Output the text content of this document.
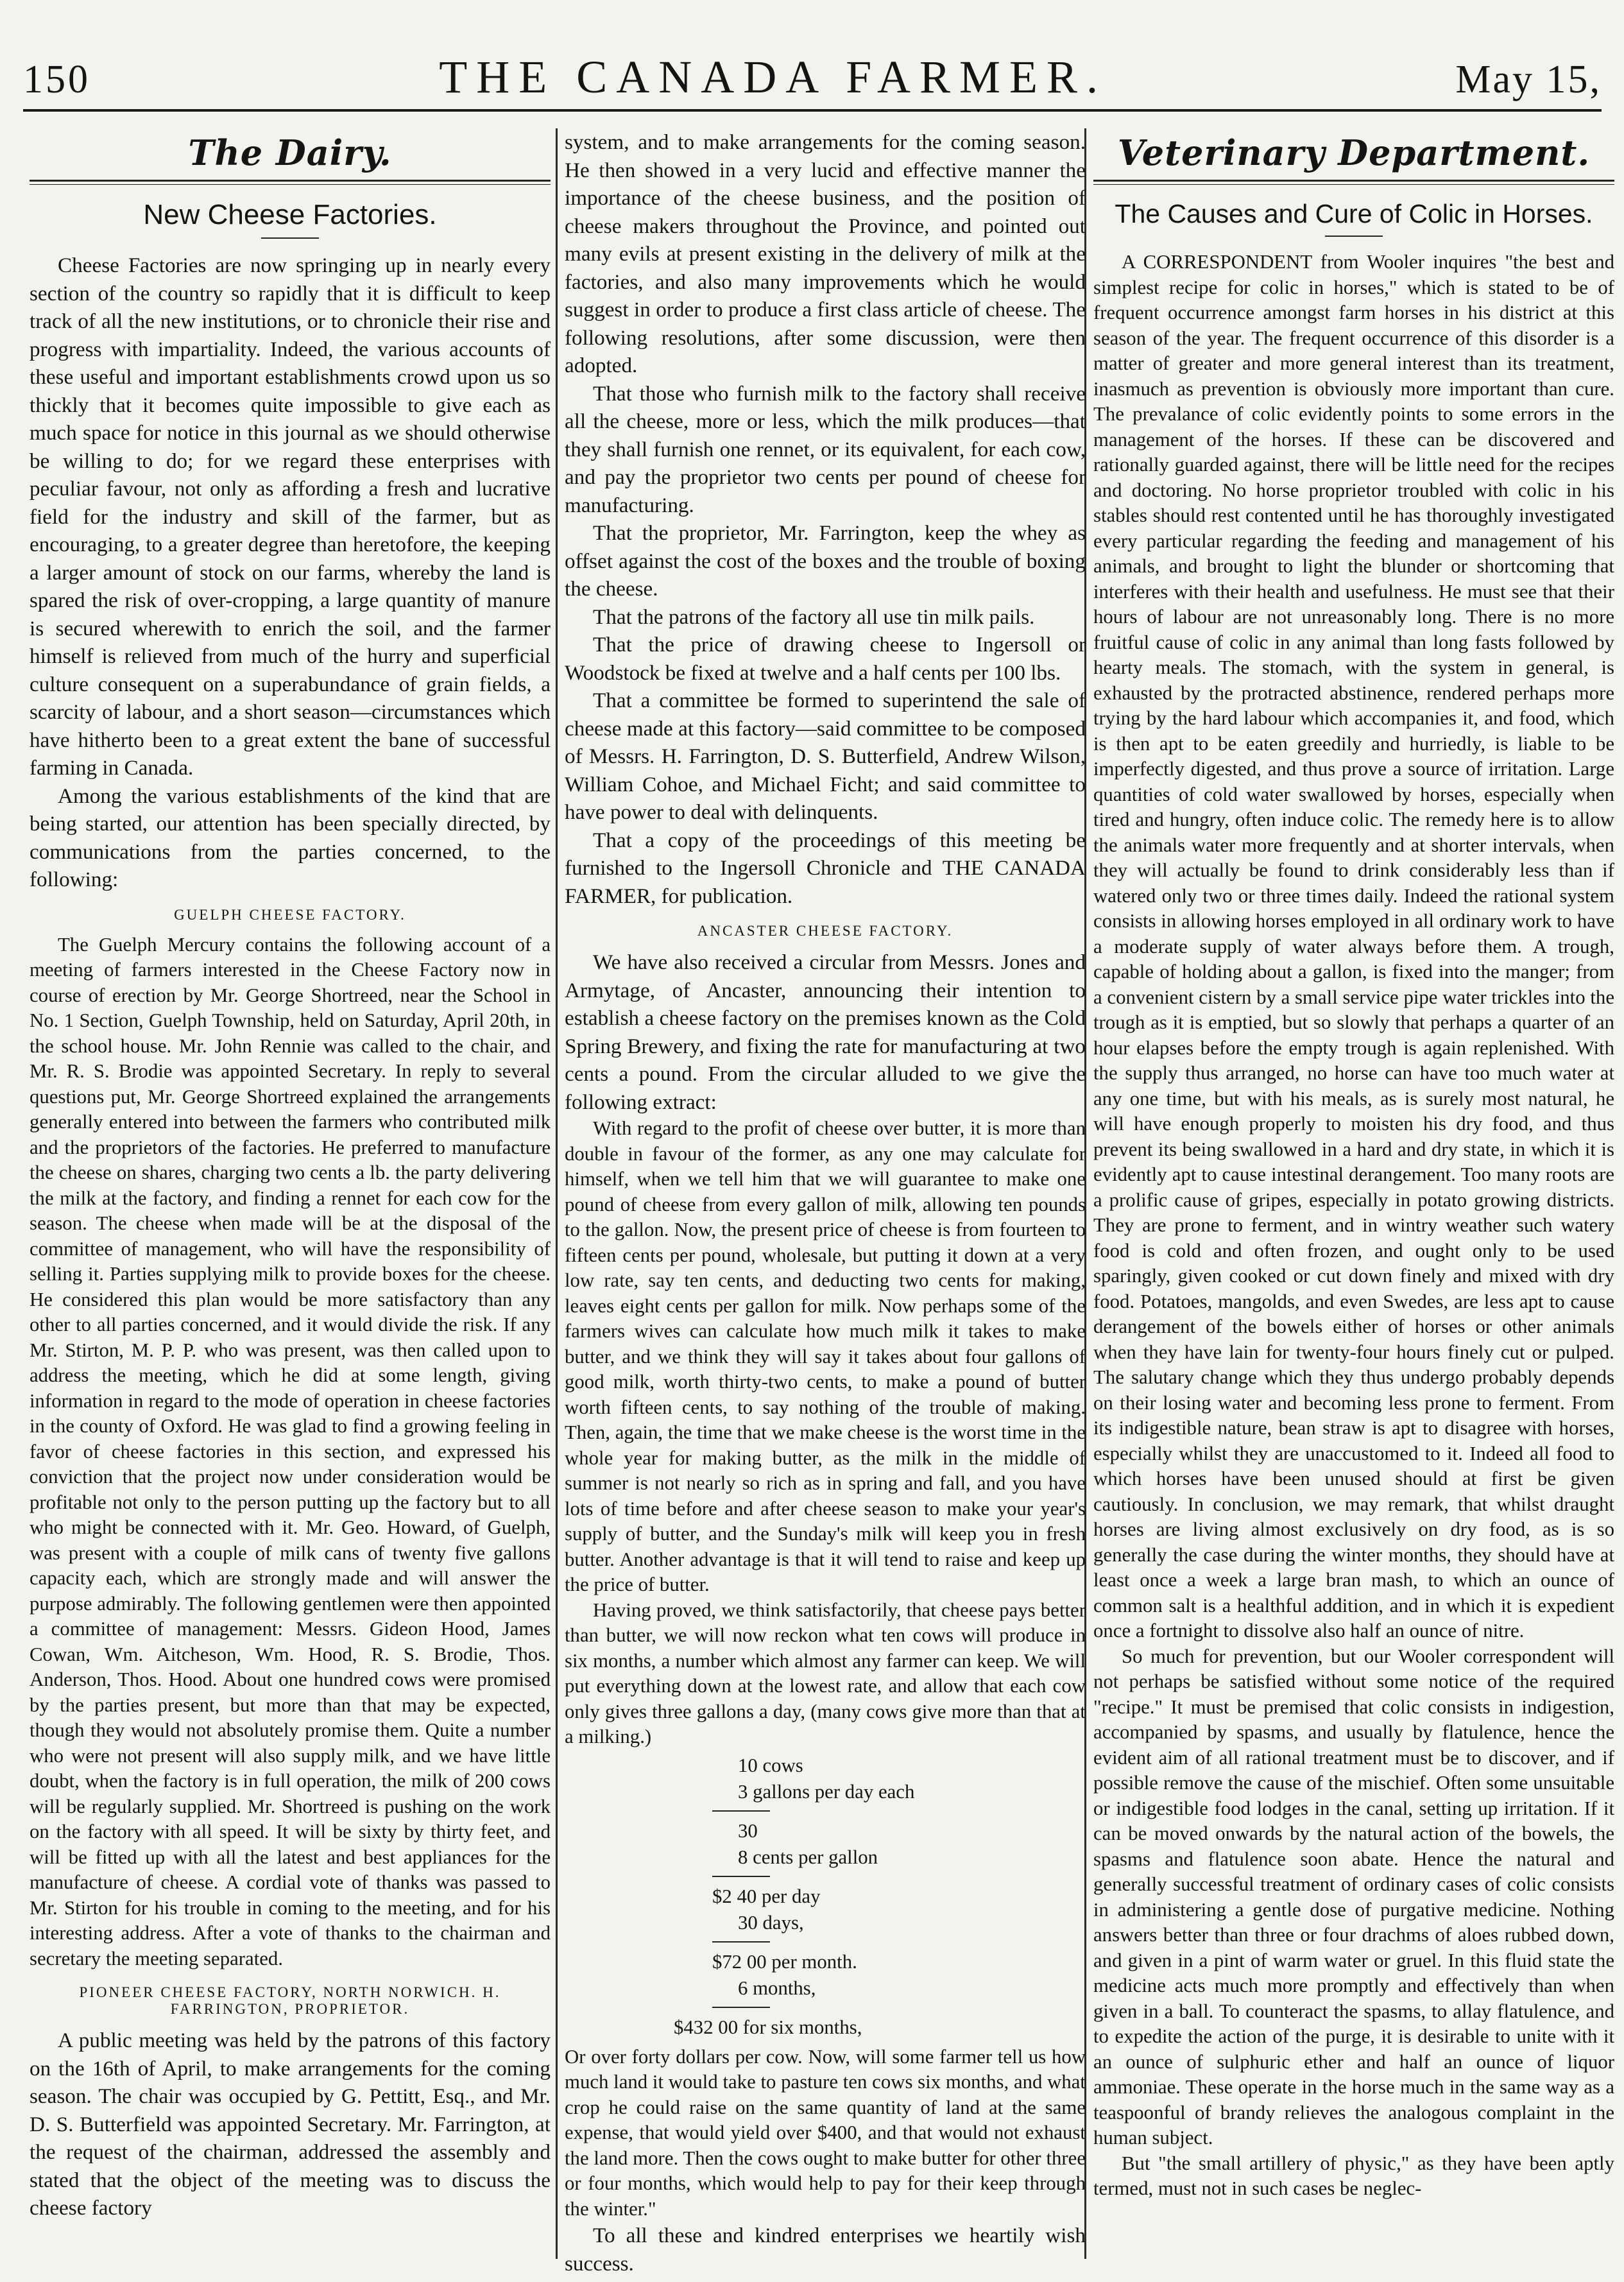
150	THE CANADA FARMER.	May 15,
The Dairy.
New Cheese Factories.

Cheese Factories are now springing up in nearly every section of the country so rapidly that it is difficult to keep track of all the new institutions, or to chronicle their rise and progress with impartiality. Indeed, the various accounts of these useful and important establishments crowd upon us so thickly that it becomes quite impossible to give each as much space for notice in this journal as we should otherwise be willing to do; for we regard these enterprises with peculiar favour, not only as affording a fresh and lucrative field for the industry and skill of the farmer, but as encouraging, to a greater degree than heretofore, the keeping a larger amount of stock on our farms, whereby the land is spared the risk of over-cropping, a large quantity of manure is secured wherewith to enrich the soil, and the farmer himself is relieved from much of the hurry and superficial culture consequent on a superabundance of grain fields, a scarcity of labour, and a short season—circumstances which have hitherto been to a great extent the bane of successful farming in Canada.

Among the various establishments of the kind that are being started, our attention has been specially directed, by communications from the parties concerned, to the following:

GUELPH CHEESE FACTORY.

The Guelph Mercury contains the following account of a meeting of farmers interested in the Cheese Factory now in course of erection by Mr. George Shortreed, near the School in No. 1 Section, Guelph Township, held on Saturday, April 20th, in the school house. Mr. John Rennie was called to the chair, and Mr. R. S. Brodie was appointed Secretary. In reply to several questions put, Mr. George Shortreed explained the arrangements generally entered into between the farmers who contributed milk and the proprietors of the factories. He preferred to manufacture the cheese on shares, charging two cents a lb. the party delivering the milk at the factory, and finding a rennet for each cow for the season. The cheese when made will be at the disposal of the committee of management, who will have the responsibility of selling it. Parties supplying milk to provide boxes for the cheese. He considered this plan would be more satisfactory than any other to all parties concerned, and it would divide the risk. If any Mr. Stirton, M. P. P. who was present, was then called upon to address the meeting, which he did at some length, giving information in regard to the mode of operation in cheese factories in the county of Oxford. He was glad to find a growing feeling in favor of cheese factories in this section, and expressed his conviction that the project now under consideration would be profitable not only to the person putting up the factory but to all who might be connected with it. Mr. Geo. Howard, of Guelph, was present with a couple of milk cans of twenty five gallons capacity each, which are strongly made and will answer the purpose admirably. The following gentlemen were then appointed a committee of management: Messrs. Gideon Hood, James Cowan, Wm. Aitcheson, Wm. Hood, R. S. Brodie, Thos. Anderson, Thos. Hood. About one hundred cows were promised by the parties present, but more than that may be expected, though they would not absolutely promise them. Quite a number who were not present will also supply milk, and we have little doubt, when the factory is in full operation, the milk of 200 cows will be regularly supplied. Mr. Shortreed is pushing on the work on the factory with all speed. It will be sixty by thirty feet, and will be fitted up with all the latest and best appliances for the manufacture of cheese. A cordial vote of thanks was passed to Mr. Stirton for his trouble in coming to the meeting, and for his interesting address. After a vote of thanks to the chairman and secretary the meeting separated.

PIONEER CHEESE FACTORY, NORTH NORWICH. H. FARRINGTON, PROPRIETOR.

A public meeting was held by the patrons of this factory on the 16th of April, to make arrangements for the coming season. The chair was occupied by G. Pettitt, Esq., and Mr. D. S. Butterfield was appointed Secretary. Mr. Farrington, at the request of the chairman, addressed the assembly and stated that the object of the meeting was to discuss the cheese factory

system, and to make arrangements for the coming season. He then showed in a very lucid and effective manner the importance of the cheese business, and the position of cheese makers throughout the Province, and pointed out many evils at present existing in the delivery of milk at the factories, and also many improvements which he would suggest in order to produce a first class article of cheese. The following resolutions, after some discussion, were then adopted.

That those who furnish milk to the factory shall receive all the cheese, more or less, which the milk produces—that they shall furnish one rennet, or its equivalent, for each cow, and pay the proprietor two cents per pound of cheese for manufacturing.

That the proprietor, Mr. Farrington, keep the whey as offset against the cost of the boxes and the trouble of boxing the cheese.

That the patrons of the factory all use tin milk pails.

That the price of drawing cheese to Ingersoll or Woodstock be fixed at twelve and a half cents per 100 lbs.

That a committee be formed to superintend the sale of cheese made at this factory—said committee to be composed of Messrs. H. Farrington, D. S. Butterfield, Andrew Wilson, William Cohoe, and Michael Ficht; and said committee to have power to deal with delinquents.

That a copy of the proceedings of this meeting be furnished to the Ingersoll Chronicle and THE CANADA FARMER, for publication.

ANCASTER CHEESE FACTORY.

We have also received a circular from Messrs. Jones and Armytage, of Ancaster, announcing their intention to establish a cheese factory on the premises known as the Cold Spring Brewery, and fixing the rate for manufacturing at two cents a pound. From the circular alluded to we give the following extract:

With regard to the profit of cheese over butter, it is more than double in favour of the former, as any one may calculate for himself, when we tell him that we will guarantee to make one pound of cheese from every gallon of milk, allowing ten pounds to the gallon. Now, the present price of cheese is from fourteen to fifteen cents per pound, wholesale, but putting it down at a very low rate, say ten cents, and deducting two cents for making, leaves eight cents per gallon for milk. Now perhaps some of the farmers wives can calculate how much milk it takes to make butter, and we think they will say it takes about four gallons of good milk, worth thirty-two cents, to make a pound of butter worth fifteen cents, to say nothing of the trouble of making. Then, again, the time that we make cheese is the worst time in the whole year for making butter, as the milk in the middle of summer is not nearly so rich as in spring and fall, and you have lots of time before and after cheese season to make your year's supply of butter, and the Sunday's milk will keep you in fresh butter. Another advantage is that it will tend to raise and keep up the price of butter.

Having proved, we think satisfactorily, that cheese pays better than butter, we will now reckon what ten cows will produce in six months, a number which almost any farmer can keep. We will put everything down at the lowest rate, and allow that each cow only gives three gallons a day, (many cows give more than that at a milking.)

10 cows
3 gallons per day each
30
8 cents per gallon
$2 40 per day
30 days,
$72 00 per month.
6 months,
$432 00 for six months,

Or over forty dollars per cow. Now, will some farmer tell us how much land it would take to pasture ten cows six months, and what crop he could raise on the same quantity of land at the same expense, that would yield over $400, and that would not exhaust the land more. Then the cows ought to make butter for other three or four months, which would help to pay for their keep through the winter."

To all these and kindred enterprises we heartily wish success.

Veterinary Department.
The Causes and Cure of Colic in Horses.

A CORRESPONDENT from Wooler inquires "the best and simplest recipe for colic in horses," which is stated to be of frequent occurrence amongst farm horses in his district at this season of the year. The frequent occurrence of this disorder is a matter of greater and more general interest than its treatment, inasmuch as prevention is obviously more important than cure. The prevalance of colic evidently points to some errors in the management of the horses. If these can be discovered and rationally guarded against, there will be little need for the recipes and doctoring. No horse proprietor troubled with colic in his stables should rest contented until he has thoroughly investigated every particular regarding the feeding and management of his animals, and brought to light the blunder or shortcoming that interferes with their health and usefulness. He must see that their hours of labour are not unreasonably long. There is no more fruitful cause of colic in any animal than long fasts followed by hearty meals. The stomach, with the system in general, is exhausted by the protracted abstinence, rendered perhaps more trying by the hard labour which accompanies it, and food, which is then apt to be eaten greedily and hurriedly, is liable to be imperfectly digested, and thus prove a source of irritation. Large quantities of cold water swallowed by horses, especially when tired and hungry, often induce colic. The remedy here is to allow the animals water more frequently and at shorter intervals, when they will actually be found to drink considerably less than if watered only two or three times daily. Indeed the rational system consists in allowing horses employed in all ordinary work to have a moderate supply of water always before them. A trough, capable of holding about a gallon, is fixed into the manger; from a convenient cistern by a small service pipe water trickles into the trough as it is emptied, but so slowly that perhaps a quarter of an hour elapses before the empty trough is again replenished. With the supply thus arranged, no horse can have too much water at any one time, but with his meals, as is surely most natural, he will have enough properly to moisten his dry food, and thus prevent its being swallowed in a hard and dry state, in which it is evidently apt to cause intestinal derangement. Too many roots are a prolific cause of gripes, especially in potato growing districts. They are prone to ferment, and in wintry weather such watery food is cold and often frozen, and ought only to be used sparingly, given cooked or cut down finely and mixed with dry food. Potatoes, mangolds, and even Swedes, are less apt to cause derangement of the bowels either of horses or other animals when they have lain for twenty-four hours finely cut or pulped. The salutary change which they thus undergo probably depends on their losing water and becoming less prone to ferment. From its indigestible nature, bean straw is apt to disagree with horses, especially whilst they are unaccustomed to it. Indeed all food to which horses have been unused should at first be given cautiously. In conclusion, we may remark, that whilst draught horses are living almost exclusively on dry food, as is so generally the case during the winter months, they should have at least once a week a large bran mash, to which an ounce of common salt is a healthful addition, and in which it is expedient once a fortnight to dissolve also half an ounce of nitre.

So much for prevention, but our Wooler correspondent will not perhaps be satisfied without some notice of the required "recipe." It must be premised that colic consists in indigestion, accompanied by spasms, and usually by flatulence, hence the evident aim of all rational treatment must be to discover, and if possible remove the cause of the mischief. Often some unsuitable or indigestible food lodges in the canal, setting up irritation. If it can be moved onwards by the natural action of the bowels, the spasms and flatulence soon abate. Hence the natural and generally successful treatment of ordinary cases of colic consists in administering a gentle dose of purgative medicine. Nothing answers better than three or four drachms of aloes rubbed down, and given in a pint of warm water or gruel. In this fluid state the medicine acts much more promptly and effectively than when given in a ball. To counteract the spasms, to allay flatulence, and to expedite the action of the purge, it is desirable to unite with it an ounce of sulphuric ether and half an ounce of liquor ammoniae. These operate in the horse much in the same way as a teaspoonful of brandy relieves the analogous complaint in the human subject.

But "the small artillery of physic," as they have been aptly termed, must not in such cases be neglec-
